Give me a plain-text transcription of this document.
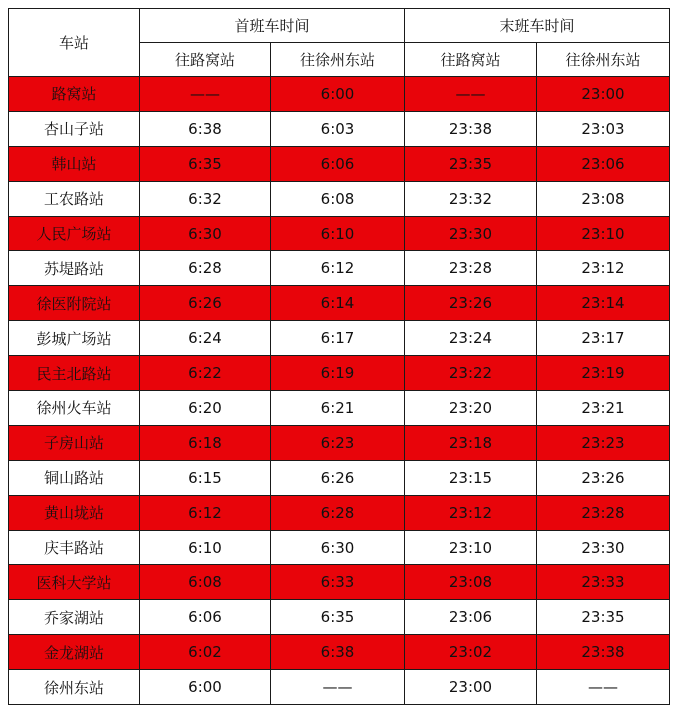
车站	首班车时间		末班车时间	
	往路窝站	往徐州东站	往路窝站	往徐州东站
路窝站	——	6:00	——	23:00
杏山子站	6:38	6:03	23:38	23:03
韩山站	6:35	6:06	23:35	23:06
工农路站	6:32	6:08	23:32	23:08
人民广场站	6:30	6:10	23:30	23:10
苏堤路站	6:28	6:12	23:28	23:12
徐医附院站	6:26	6:14	23:26	23:14
彭城广场站	6:24	6:17	23:24	23:17
民主北路站	6:22	6:19	23:22	23:19
徐州火车站	6:20	6:21	23:20	23:21
子房山站	6:18	6:23	23:18	23:23
铜山路站	6:15	6:26	23:15	23:26
黄山垅站	6:12	6:28	23:12	23:28
庆丰路站	6:10	6:30	23:10	23:30
医科大学站	6:08	6:33	23:08	23:33
乔家湖站	6:06	6:35	23:06	23:35
金龙湖站	6:02	6:38	23:02	23:38
徐州东站	6:00	——	23:00	——
